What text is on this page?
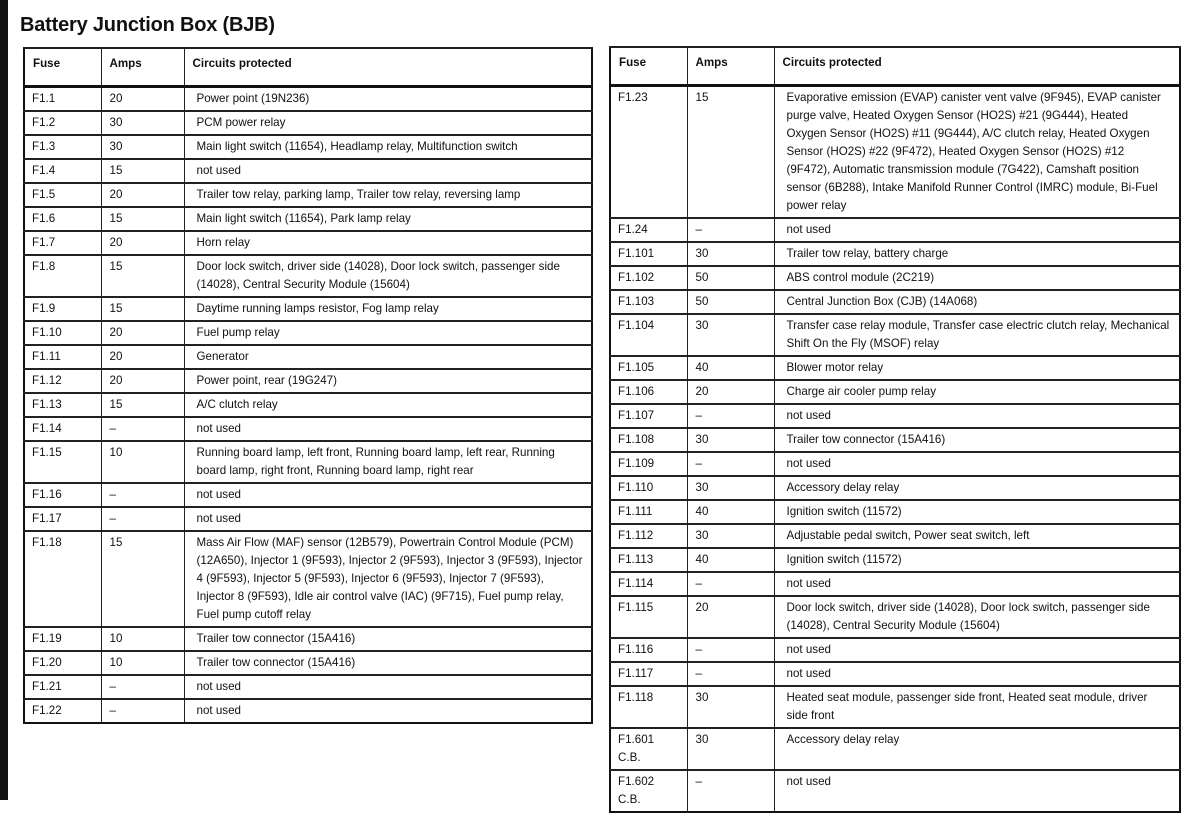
Battery Junction Box (BJB)
Fuse	Amps	Circuits protected
F1.1	20	Power point (19N236)
F1.2	30	PCM power relay
F1.3	30	Main light switch (11654), Headlamp relay, Multifunction switch
F1.4	15	not used
F1.5	20	Trailer tow relay, parking lamp, Trailer tow relay, reversing lamp
F1.6	15	Main light switch (11654), Park lamp relay
F1.7	20	Horn relay
F1.8	15	Door lock switch, driver side (14028), Door lock switch, passenger side (14028), Central Security Module (15604)
F1.9	15	Daytime running lamps resistor, Fog lamp relay
F1.10	20	Fuel pump relay
F1.11	20	Generator
F1.12	20	Power point, rear (19G247)
F1.13	15	A/C clutch relay
F1.14	–	not used
F1.15	10	Running board lamp, left front, Running board lamp, left rear, Running board lamp, right front, Running board lamp, right rear
F1.16	–	not used
F1.17	–	not used
F1.18	15	Mass Air Flow (MAF) sensor (12B579), Powertrain Control Module (PCM) (12A650), Injector 1 (9F593), Injector 2 (9F593), Injector 3 (9F593), Injector 4 (9F593), Injector 5 (9F593), Injector 6 (9F593), Injector 7 (9F593), Injector 8 (9F593), Idle air control valve (IAC) (9F715), Fuel pump relay, Fuel pump cutoff relay
F1.19	10	Trailer tow connector (15A416)
F1.20	10	Trailer tow connector (15A416)
F1.21	–	not used
F1.22	–	not used
Fuse	Amps	Circuits protected
F1.23	15	Evaporative emission (EVAP) canister vent valve (9F945), EVAP canister purge valve, Heated Oxygen Sensor (HO2S) #21 (9G444), Heated Oxygen Sensor (HO2S) #11 (9G444), A/C clutch relay, Heated Oxygen Sensor (HO2S) #22 (9F472), Heated Oxygen Sensor (HO2S) #12 (9F472), Automatic transmission module (7G422), Camshaft position sensor (6B288), Intake Manifold Runner Control (IMRC) module, Bi-Fuel power relay
F1.24	–	not used
F1.101	30	Trailer tow relay, battery charge
F1.102	50	ABS control module (2C219)
F1.103	50	Central Junction Box (CJB) (14A068)
F1.104	30	Transfer case relay module, Transfer case electric clutch relay, Mechanical Shift On the Fly (MSOF) relay
F1.105	40	Blower motor relay
F1.106	20	Charge air cooler pump relay
F1.107	–	not used
F1.108	30	Trailer tow connector (15A416)
F1.109	–	not used
F1.110	30	Accessory delay relay
F1.111	40	Ignition switch (11572)
F1.112	30	Adjustable pedal switch, Power seat switch, left
F1.113	40	Ignition switch (11572)
F1.114	–	not used
F1.115	20	Door lock switch, driver side (14028), Door lock switch, passenger side (14028), Central Security Module (15604)
F1.116	–	not used
F1.117	–	not used
F1.118	30	Heated seat module, passenger side front, Heated seat module, driver side front
F1.601 C.B.	30	Accessory delay relay
F1.602 C.B.	–	not used
